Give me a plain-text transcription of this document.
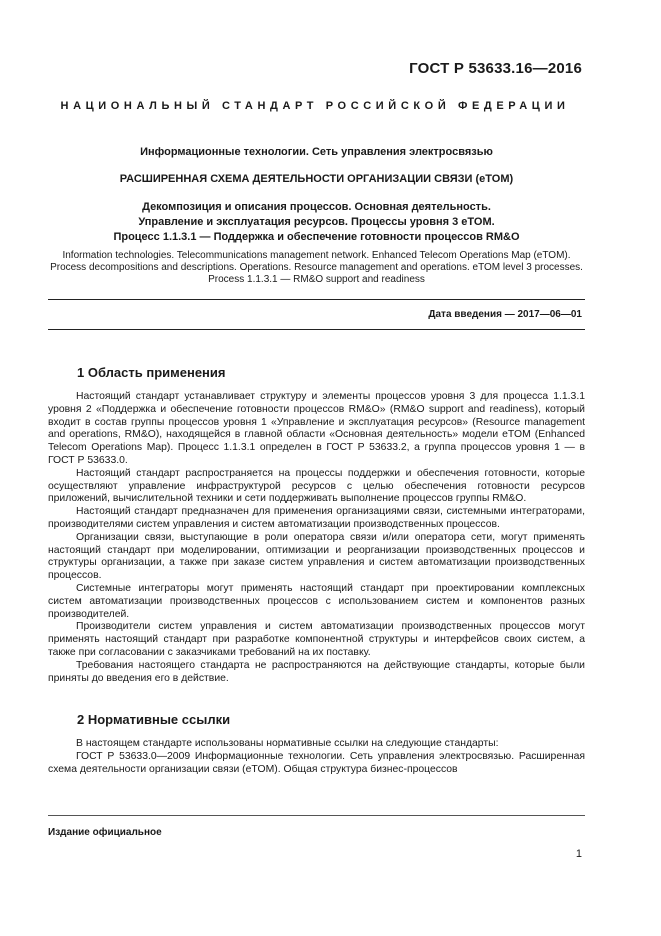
ГОСТ Р 53633.16—2016
НАЦИОНАЛЬНЫЙ СТАНДАРТ РОССИЙСКОЙ ФЕДЕРАЦИИ
Информационные технологии. Сеть управления электросвязью
РАСШИРЕННАЯ СХЕМА ДЕЯТЕЛЬНОСТИ ОРГАНИЗАЦИИ СВЯЗИ (eTOM)
Декомпозиция и описания процессов. Основная деятельность.
Управление и эксплуатация ресурсов. Процессы уровня 3 eTOM.
Процесс 1.1.3.1 — Поддержка и обеспечение готовности процессов RM&O
Information technologies. Telecommunications management network. Enhanced Telecom Operations Map (eTOM).
Process decompositions and descriptions. Operations. Resource management and operations. eTOM level 3 processes.
Process 1.1.3.1 — RM&O support and readiness
Дата введения — 2017—06—01
1 Область применения

Настоящий стандарт устанавливает структуру и элементы процессов уровня 3 для процесса 1.1.3.1 уровня 2 «Поддержка и обеспечение готовности процессов RM&O» (RM&O support and readiness), который входит в состав группы процессов уровня 1 «Управление и эксплуатация ресурсов» (Resource management and operations, RM&O), находящейся в главной области «Основная деятельность» модели eTOM (Enhanced Telecom Operations Map). Процесс 1.1.3.1 определен в ГОСТ Р 53633.2, а группа процессов уровня 1 — в ГОСТ Р 53633.0.

Настоящий стандарт распространяется на процессы поддержки и обеспечения готовности, которые осуществляют управление инфраструктурой ресурсов с целью обеспечения готовности ресурсов приложений, вычислительной техники и сети поддерживать выполнение процессов группы RM&O.

Настоящий стандарт предназначен для применения организациями связи, системными интеграторами, производителями систем управления и систем автоматизации производственных процессов.

Организации связи, выступающие в роли оператора связи и/или оператора сети, могут применять настоящий стандарт при моделировании, оптимизации и реорганизации производственных процессов и структуры организации, а также при заказе систем управления и систем автоматизации производственных процессов.

Системные интеграторы могут применять настоящий стандарт при проектировании комплексных систем автоматизации производственных процессов с использованием систем и компонентов разных производителей.

Производители систем управления и систем автоматизации производственных процессов могут применять настоящий стандарт при разработке компонентной структуры и интерфейсов своих систем, а также при согласовании с заказчиками требований на их поставку.

Требования настоящего стандарта не распространяются на действующие стандарты, которые были приняты до введения его в действие.

2 Нормативные ссылки

В настоящем стандарте использованы нормативные ссылки на следующие стандарты:

ГОСТ Р 53633.0—2009 Информационные технологии. Сеть управления электросвязью. Расширенная схема деятельности организации связи (eTOM). Общая структура бизнес-процессов

Издание официальное
1
